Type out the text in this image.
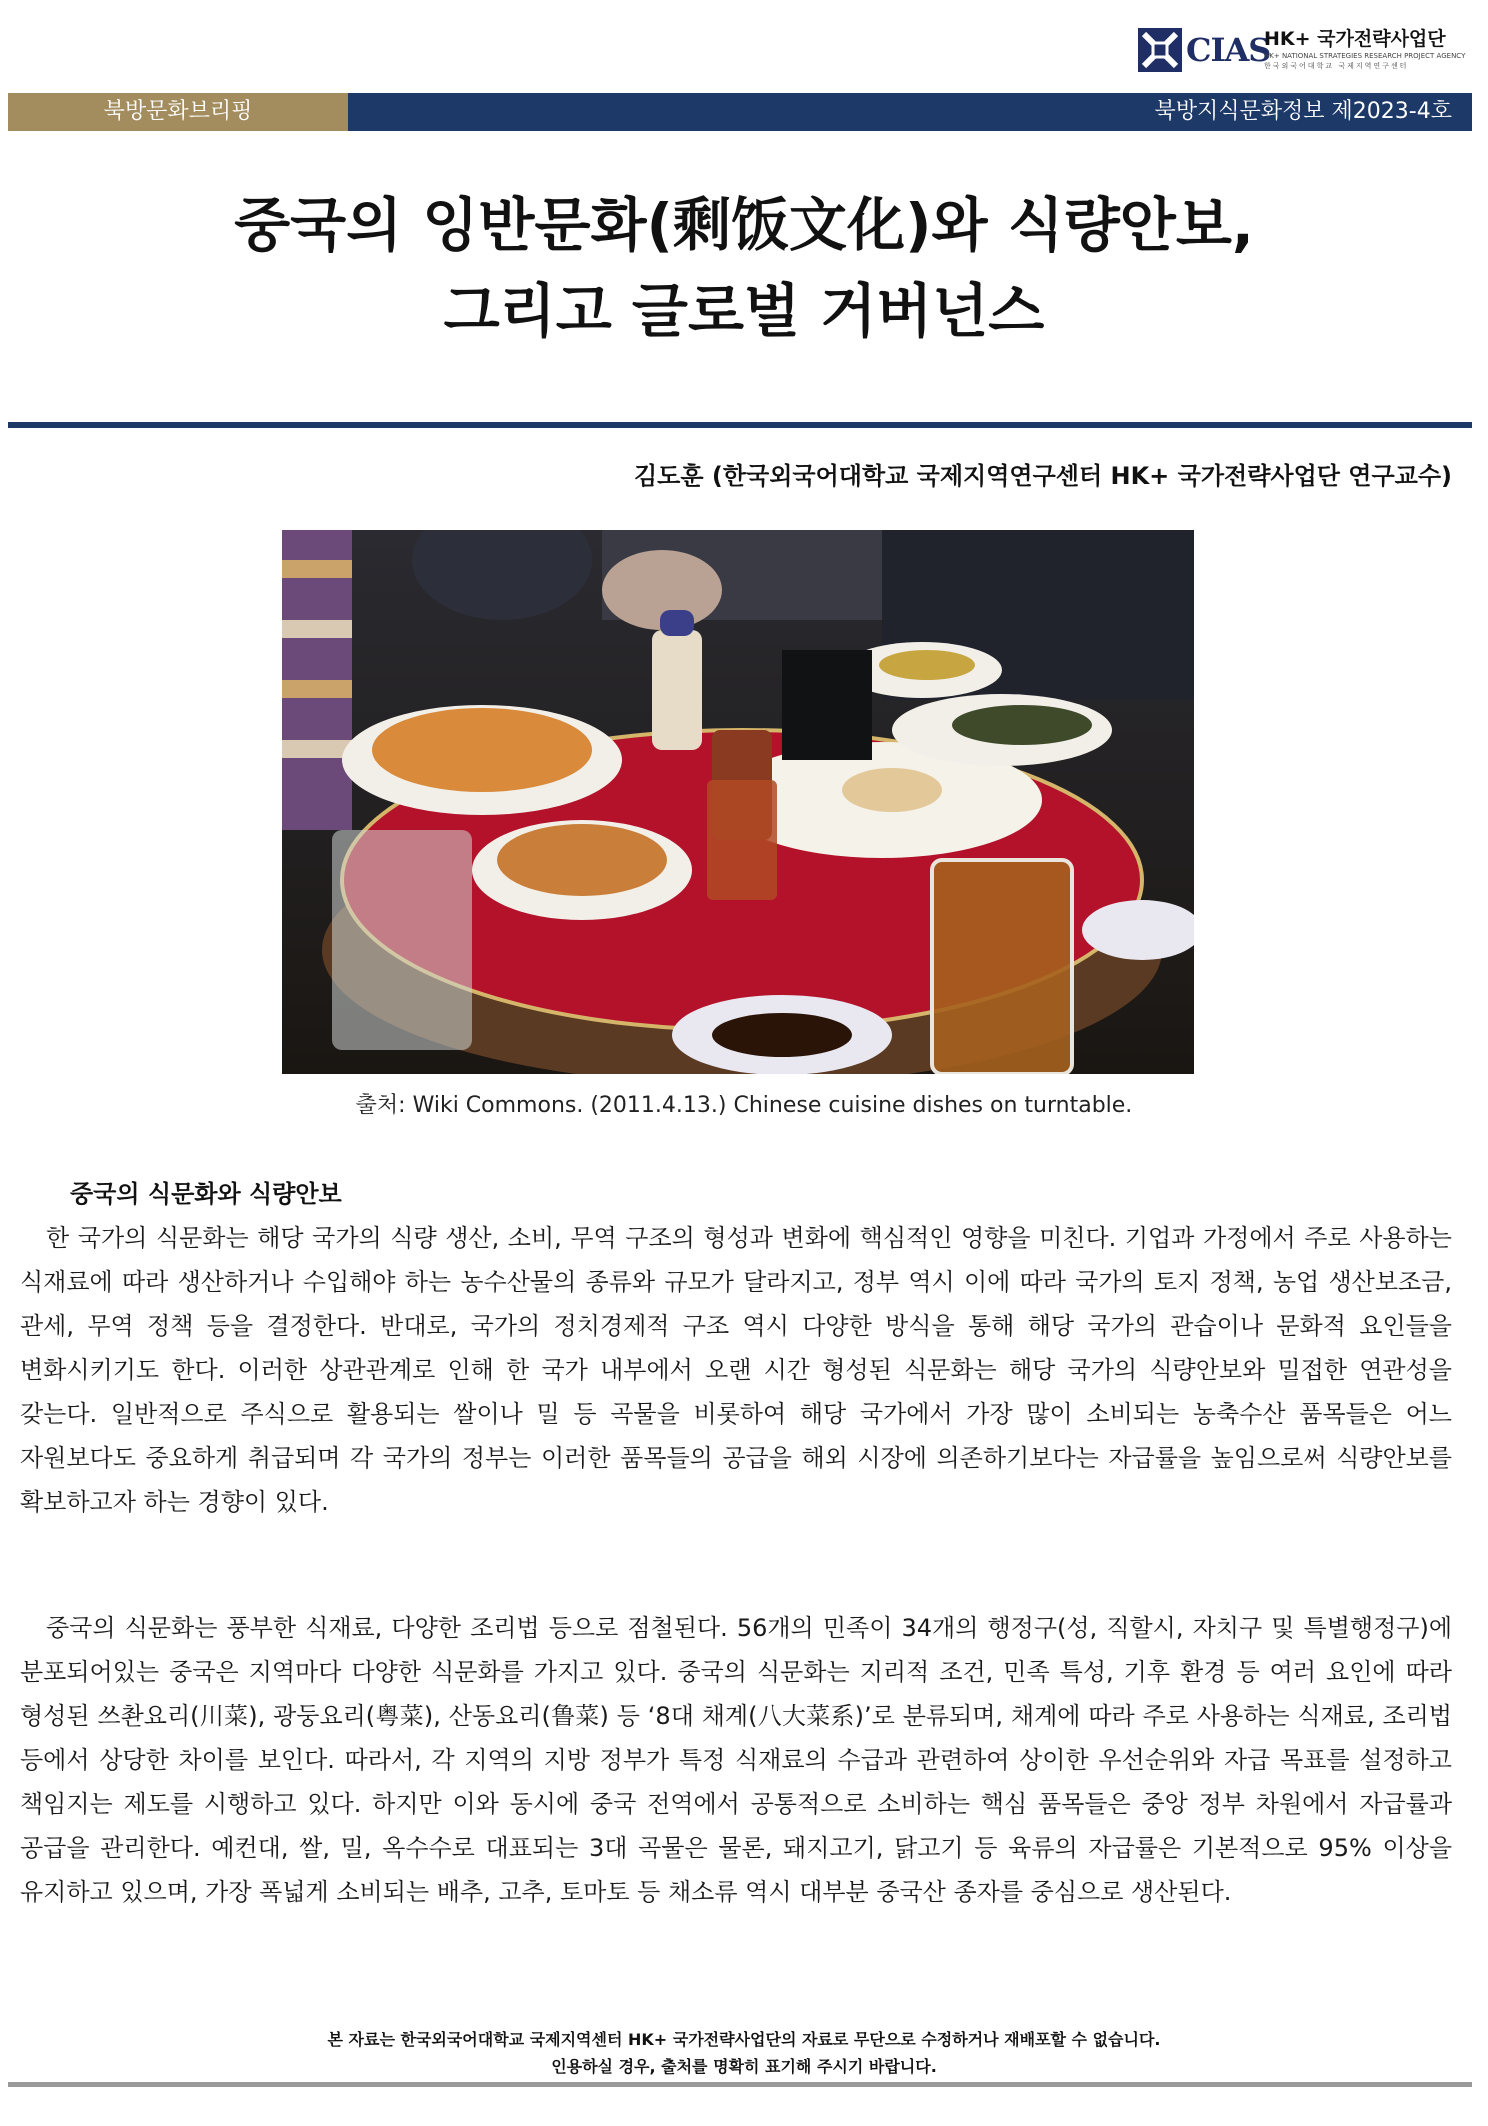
CIAS
HK+ 국가전략사업단
HK+ NATIONAL STRATEGIES RESEARCH PROJECT AGENCY
한국외국어대학교 국제지역연구센터
북방문화브리핑	북방지식문화정보 제2023-4호
중국의 잉반문화(剩饭文化)와 식량안보,
그리고 글로벌 거버넌스
김도훈 (한국외국어대학교 국제지역연구센터 HK+ 국가전략사업단 연구교수)
출처: Wiki Commons. (2011.4.13.) Chinese cuisine dishes on turntable.
중국의 식문화와 식량안보
한 국가의 식문화는 해당 국가의 식량 생산, 소비, 무역 구조의 형성과 변화에 핵심적인 영향을 미친다. 기업과 가정에서 주로 사용하는 식재료에 따라 생산하거나 수입해야 하는 농수산물의 종류와 규모가 달라지고, 정부 역시 이에 따라 국가의 토지 정책, 농업 생산보조금, 관세, 무역 정책 등을 결정한다. 반대로, 국가의 정치경제적 구조 역시 다양한 방식을 통해 해당 국가의 관습이나 문화적 요인들을 변화시키기도 한다. 이러한 상관관계로 인해 한 국가 내부에서 오랜 시간 형성된 식문화는 해당 국가의 식량안보와 밀접한 연관성을 갖는다. 일반적으로 주식으로 활용되는 쌀이나 밀 등 곡물을 비롯하여 해당 국가에서 가장 많이 소비되는 농축수산 품목들은 어느 자원보다도 중요하게 취급되며 각 국가의 정부는 이러한 품목들의 공급을 해외 시장에 의존하기보다는 자급률을 높임으로써 식량안보를 확보하고자 하는 경향이 있다.
중국의 식문화는 풍부한 식재료, 다양한 조리법 등으로 점철된다. 56개의 민족이 34개의 행정구(성, 직할시, 자치구 및 특별행정구)에 분포되어있는 중국은 지역마다 다양한 식문화를 가지고 있다. 중국의 식문화는 지리적 조건, 민족 특성, 기후 환경 등 여러 요인에 따라 형성된 쓰촨요리(川菜), 광둥요리(粤菜), 산동요리(鲁菜) 등 ‘8대 채계(八大菜系)’로 분류되며, 채계에 따라 주로 사용하는 식재료, 조리법 등에서 상당한 차이를 보인다. 따라서, 각 지역의 지방 정부가 특정 식재료의 수급과 관련하여 상이한 우선순위와 자급 목표를 설정하고 책임지는 제도를 시행하고 있다. 하지만 이와 동시에 중국 전역에서 공통적으로 소비하는 핵심 품목들은 중앙 정부 차원에서 자급률과 공급을 관리한다. 예컨대, 쌀, 밀, 옥수수로 대표되는 3대 곡물은 물론, 돼지고기, 닭고기 등 육류의 자급률은 기본적으로 95% 이상을 유지하고 있으며, 가장 폭넓게 소비되는 배추, 고추, 토마토 등 채소류 역시 대부분 중국산 종자를 중심으로 생산된다.
본 자료는 한국외국어대학교 국제지역센터 HK+ 국가전략사업단의 자료로 무단으로 수정하거나 재배포할 수 없습니다.
인용하실 경우, 출처를 명확히 표기해 주시기 바랍니다.
